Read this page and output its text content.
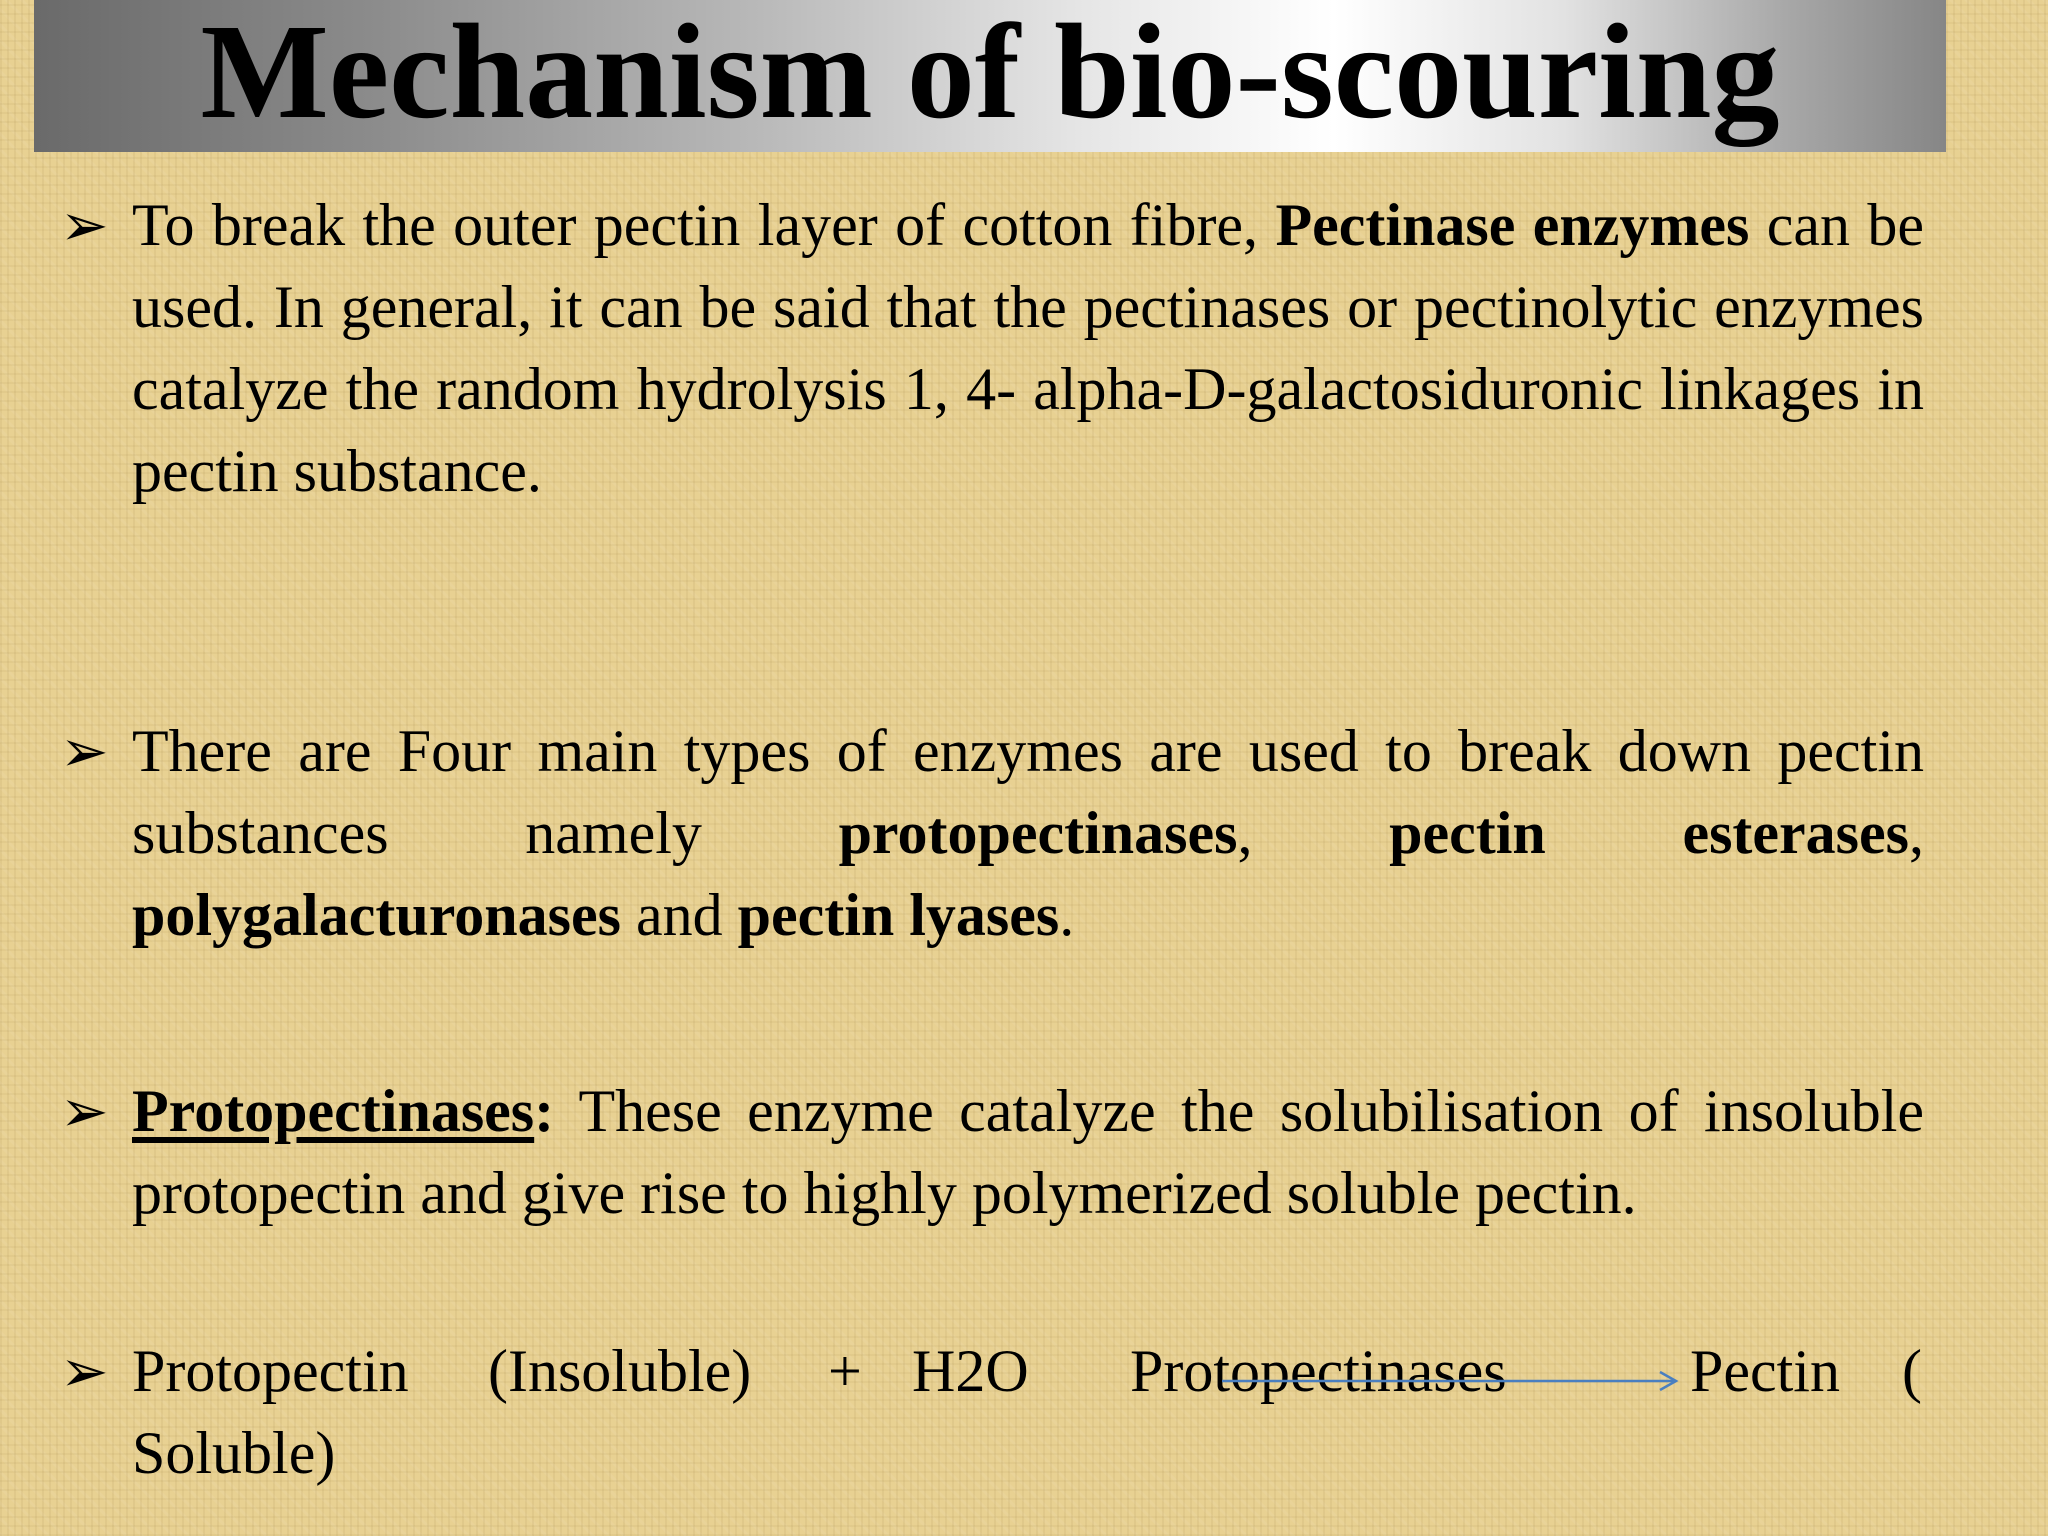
Mechanism of bio-scouring
➢ To break the outer pectin layer of cotton fibre, Pectinase enzymes can be used. In general, it can be said that the pectinases or pectinolytic enzymes catalyze the random hydrolysis 1, 4- alpha-D-galactosiduronic linkages in pectin substance.

➢ There are Four main types of enzymes are used to break down pectin substances namely protopectinases, pectin esterases, polygalacturonases and pectin lyases.

➢ Protopectinases: These enzyme catalyze the solubilisation of insoluble protopectin and give rise to highly polymerized soluble pectin.

➢ Protopectin (Insoluble) + H2O Protopectinases	Pectin (
Soluble)
